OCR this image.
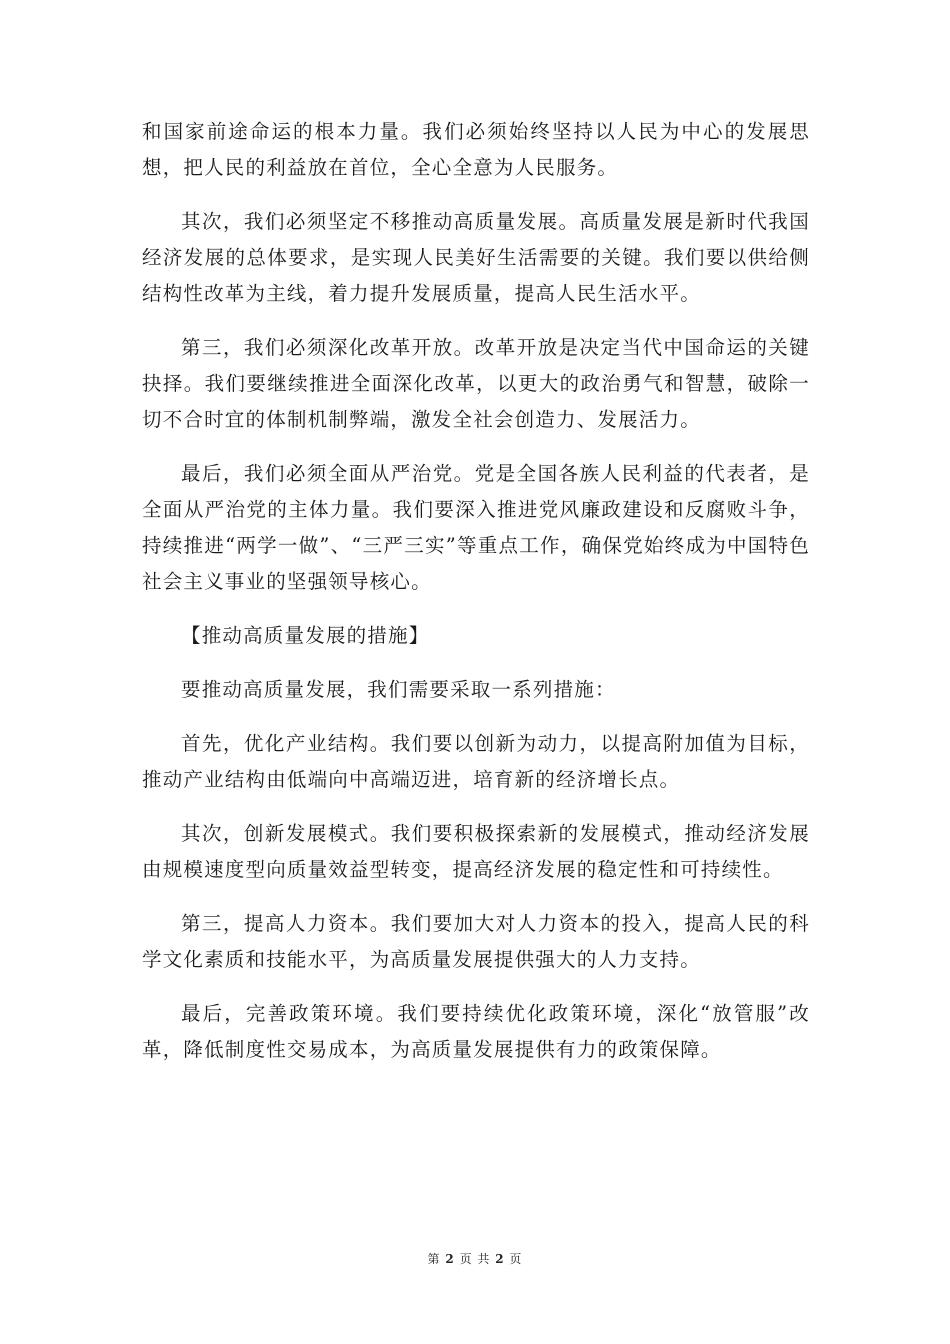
和国家前途命运的根本力量。我们必须始终坚持以人民为中心的发展思想，把人民的利益放在首位，全心全意为人民服务。

其次，我们必须坚定不移推动高质量发展。高质量发展是新时代我国经济发展的总体要求，是实现人民美好生活需要的关键。我们要以供给侧结构性改革为主线，着力提升发展质量，提高人民生活水平。

第三，我们必须深化改革开放。改革开放是决定当代中国命运的关键抉择。我们要继续推进全面深化改革，以更大的政治勇气和智慧，破除一切不合时宜的体制机制弊端，激发全社会创造力、发展活力。

最后，我们必须全面从严治党。党是全国各族人民利益的代表者，是全面从严治党的主体力量。我们要深入推进党风廉政建设和反腐败斗争，持续推进“两学一做”、“三严三实”等重点工作，确保党始终成为中国特色社会主义事业的坚强领导核心。

【推动高质量发展的措施】

要推动高质量发展，我们需要采取一系列措施：

首先，优化产业结构。我们要以创新为动力，以提高附加值为目标，推动产业结构由低端向中高端迈进，培育新的经济增长点。

其次，创新发展模式。我们要积极探索新的发展模式，推动经济发展由规模速度型向质量效益型转变，提高经济发展的稳定性和可持续性。

第三，提高人力资本。我们要加大对人力资本的投入，提高人民的科学文化素质和技能水平，为高质量发展提供强大的人力支持。

最后，完善政策环境。我们要持续优化政策环境，深化“放管服”改革，降低制度性交易成本，为高质量发展提供有力的政策保障。

第 2 页 共 2 页
